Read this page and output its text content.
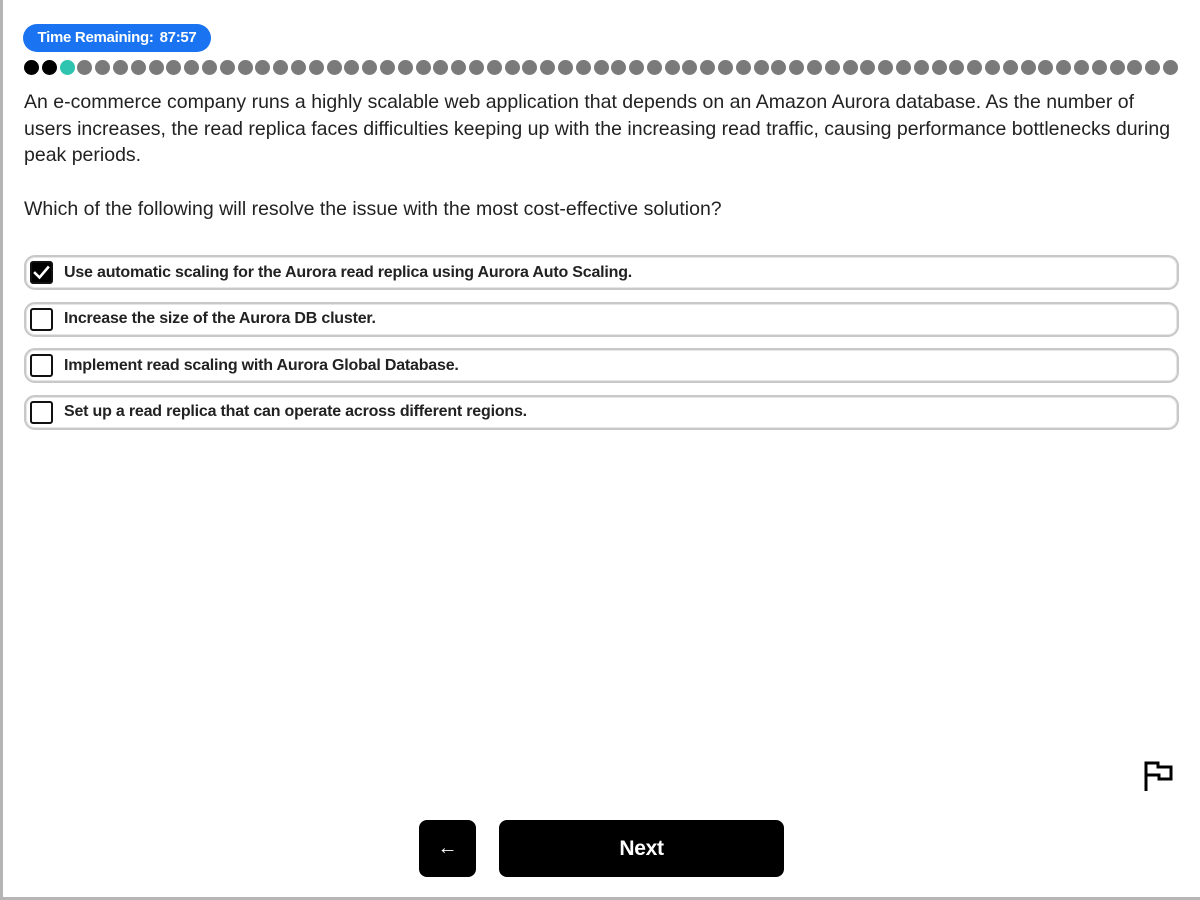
Time Remaining: 87:57

An e-commerce company runs a highly scalable web application that depends on an Amazon Aurora database. As the number of users increases, the read replica faces difficulties keeping up with the increasing read traffic, causing performance bottlenecks during peak periods.

Which of the following will resolve the issue with the most cost-effective solution?

Use automatic scaling for the Aurora read replica using Aurora Auto Scaling.
Increase the size of the Aurora DB cluster.
Implement read scaling with Aurora Global Database.
Set up a read replica that can operate across different regions.
←	Next
